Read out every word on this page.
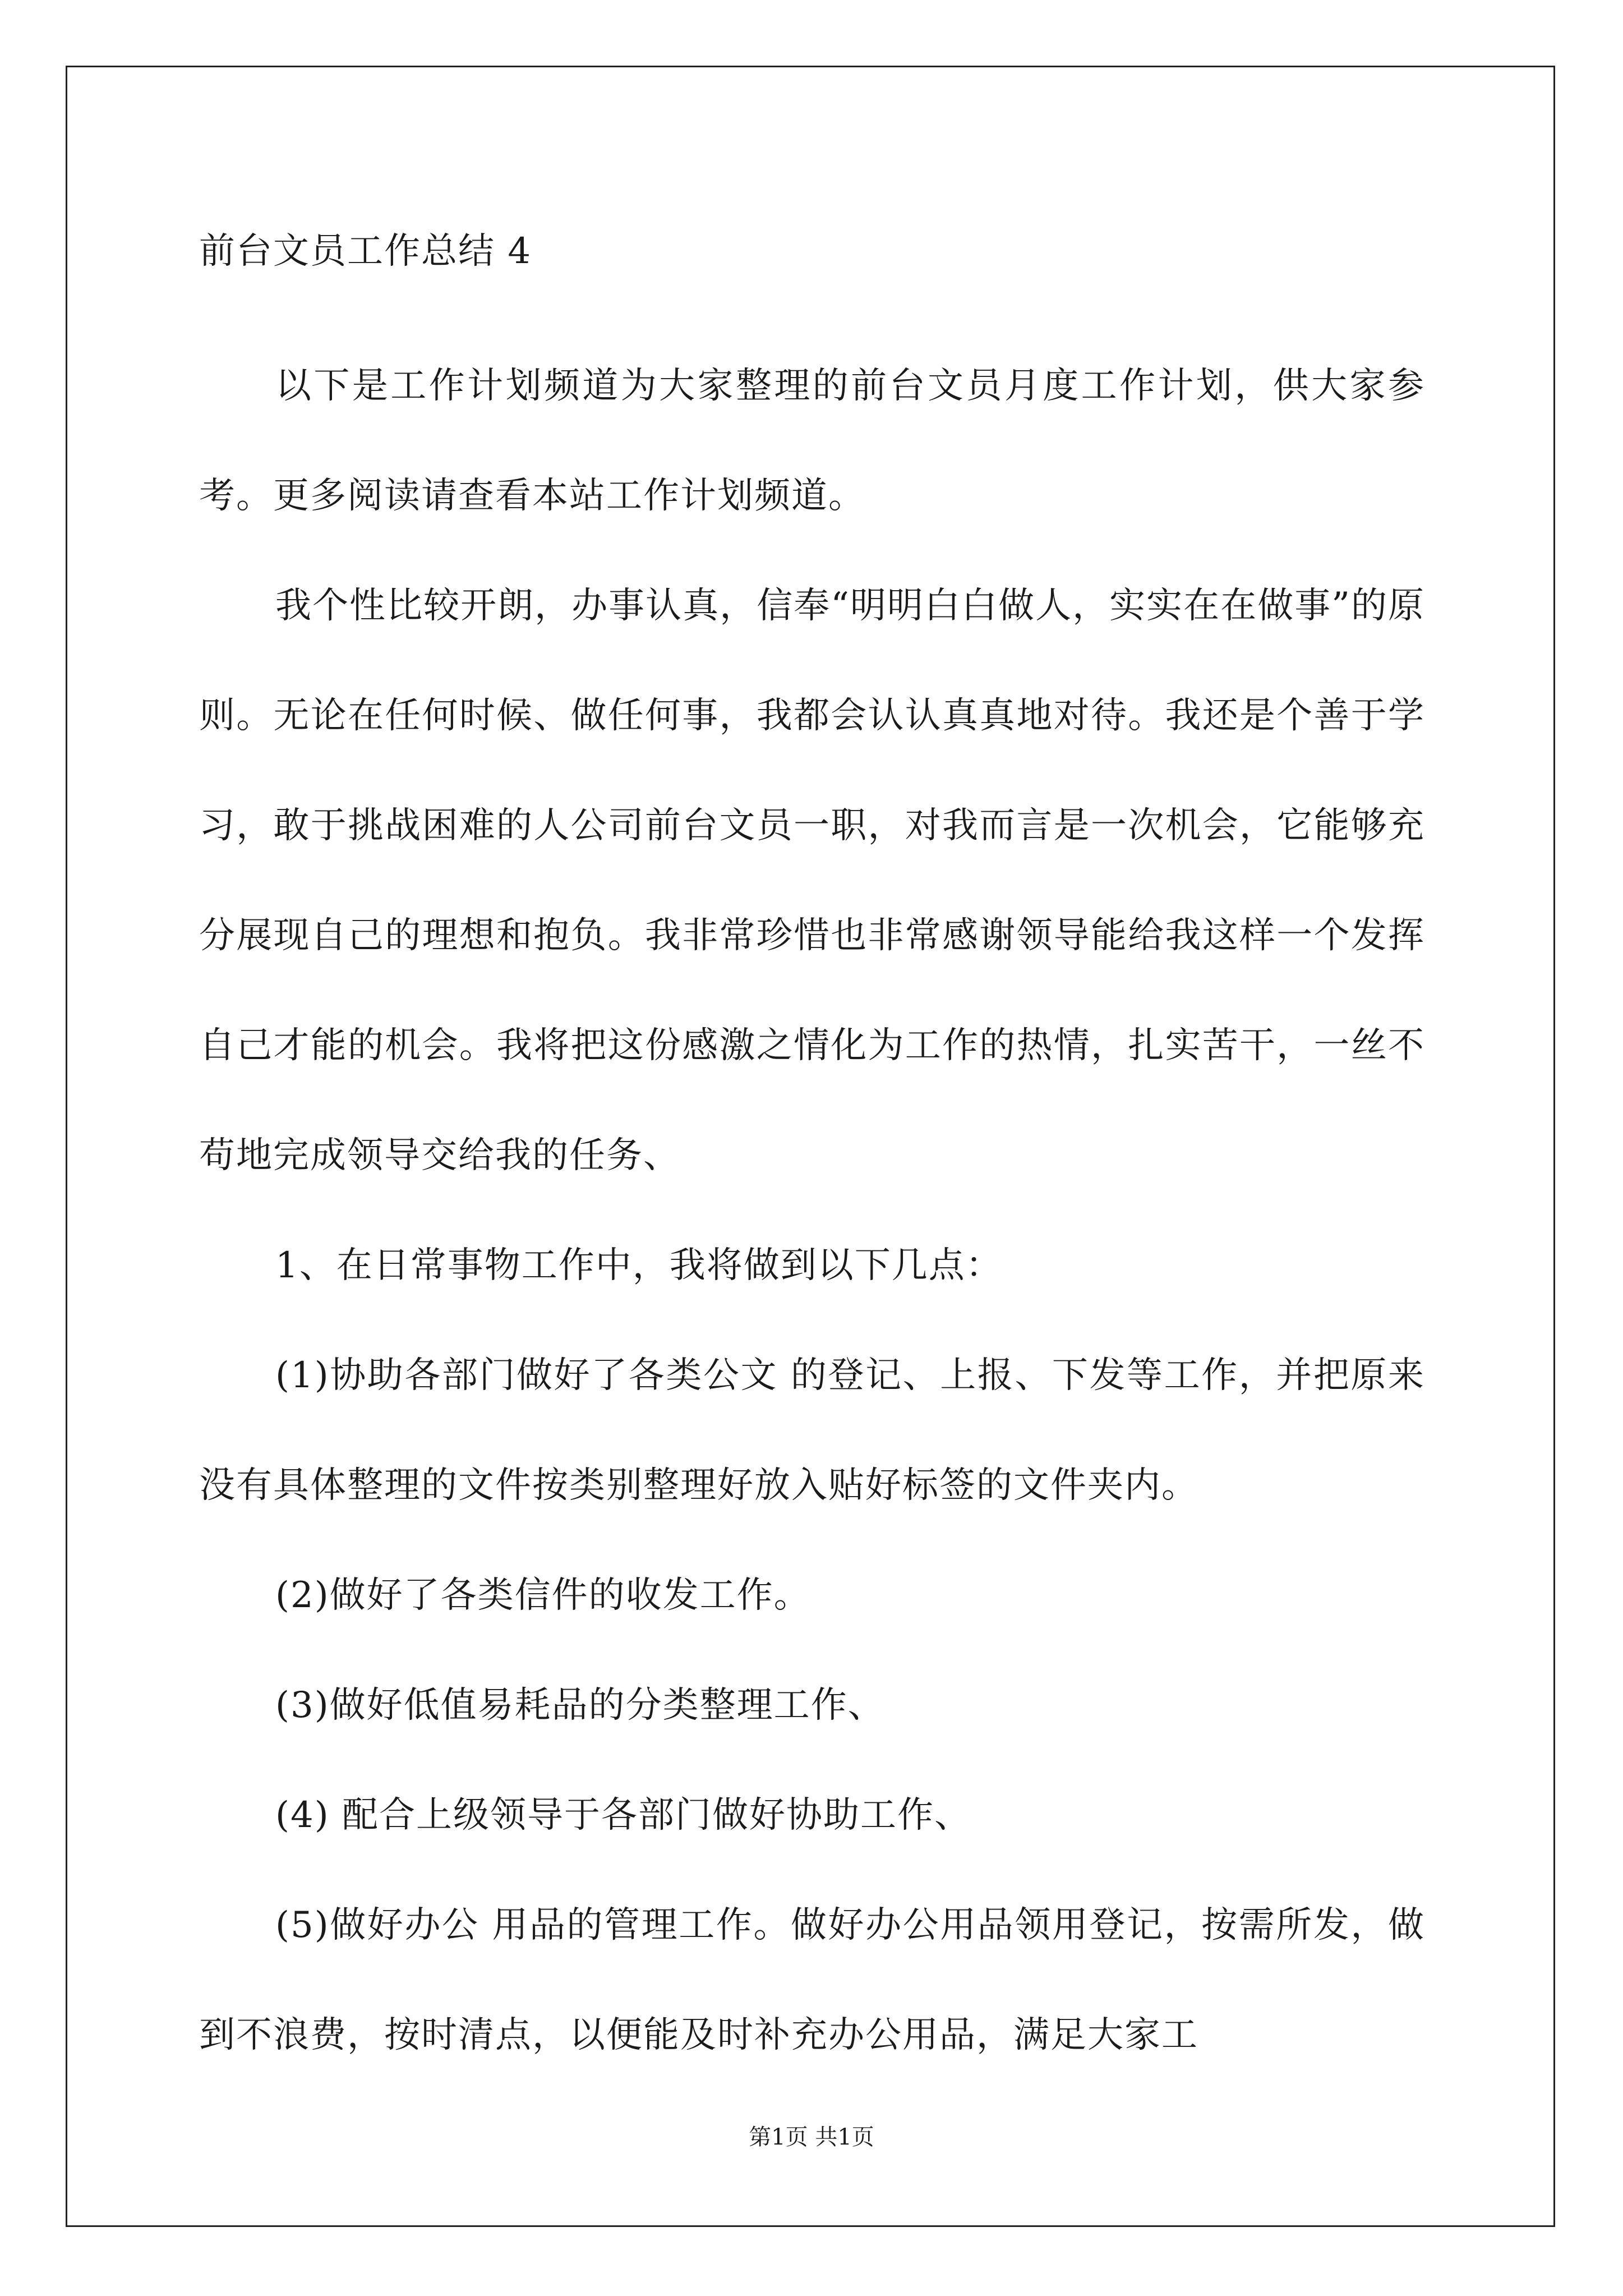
前台文员工作总结 4

以下是工作计划频道为大家整理的前台文员月度工作计划，供大家参考。更多阅读请查看本站工作计划频道。

我个性比较开朗，办事认真，信奉“明明白白做人，实实在在做事”的原则。无论在任何时候、做任何事，我都会认认真真地对待。我还是个善于学习，敢于挑战困难的人公司前台文员一职，对我而言是一次机会，它能够充分展现自己的理想和抱负。我非常珍惜也非常感谢领导能给我这样一个发挥自己才能的机会。我将把这份感激之情化为工作的热情，扎实苦干，一丝不苟地完成领导交给我的任务、

1、在日常事物工作中，我将做到以下几点：

(1)协助各部门做好了各类公文 的登记、上报、下发等工作，并把原来没有具体整理的文件按类别整理好放入贴好标签的文件夹内。

(2)做好了各类信件的收发工作。

(3)做好低值易耗品的分类整理工作、

(4) 配合上级领导于各部门做好协助工作、

(5)做好办公 用品的管理工作。做好办公用品领用登记，按需所发，做到不浪费，按时清点，以便能及时补充办公用品，满足大家工

第1页 共1页
